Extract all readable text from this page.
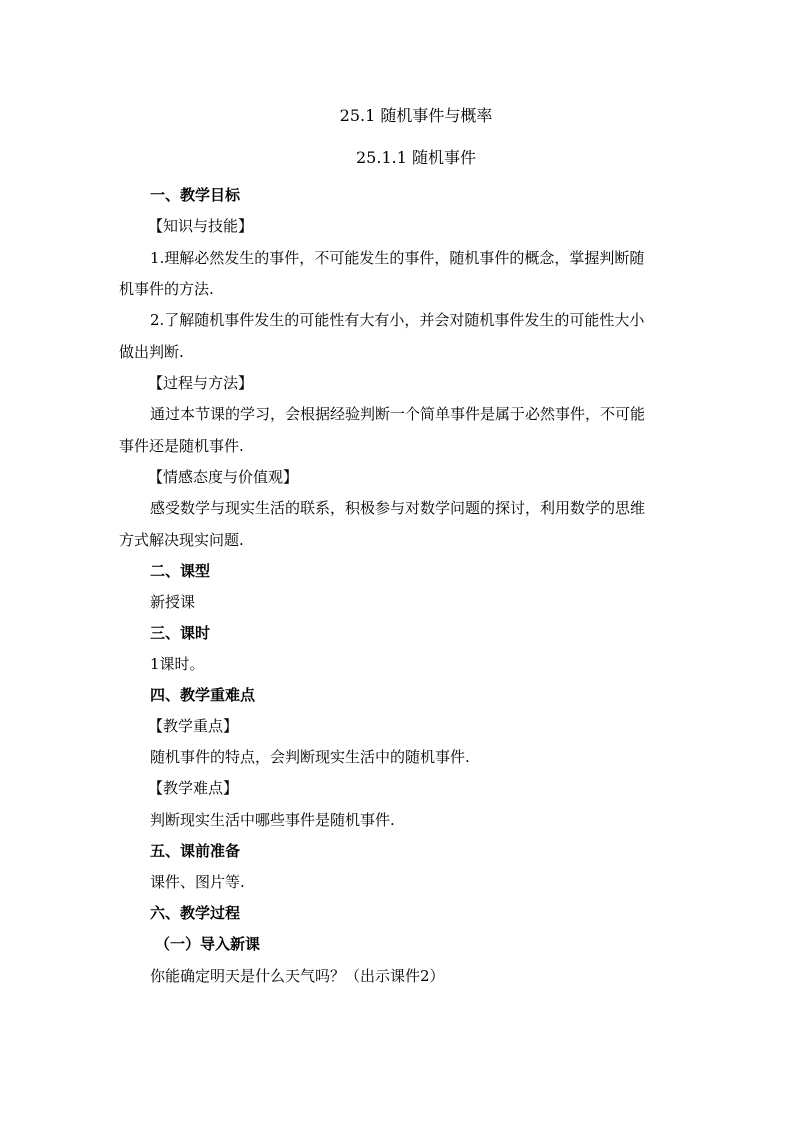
25.1 随机事件与概率
25.1.1 随机事件
一、教学目标
【知识与技能】
1.理解必然发生的事件，不可能发生的事件，随机事件的概念，掌握判断随
机事件的方法.
2.了解随机事件发生的可能性有大有小，并会对随机事件发生的可能性大小
做出判断.
【过程与方法】
通过本节课的学习，会根据经验判断一个简单事件是属于必然事件，不可能
事件还是随机事件.
【情感态度与价值观】
感受数学与现实生活的联系，积极参与对数学问题的探讨，利用数学的思维
方式解决现实问题.
二、课型
新授课
三、课时
1课时。
四、教学重难点
【教学重点】
随机事件的特点，会判断现实生活中的随机事件.
【教学难点】
判断现实生活中哪些事件是随机事件.
五、课前准备
课件、图片等.
六、教学过程
（一）导入新课
你能确定明天是什么天气吗？（出示课件2）
